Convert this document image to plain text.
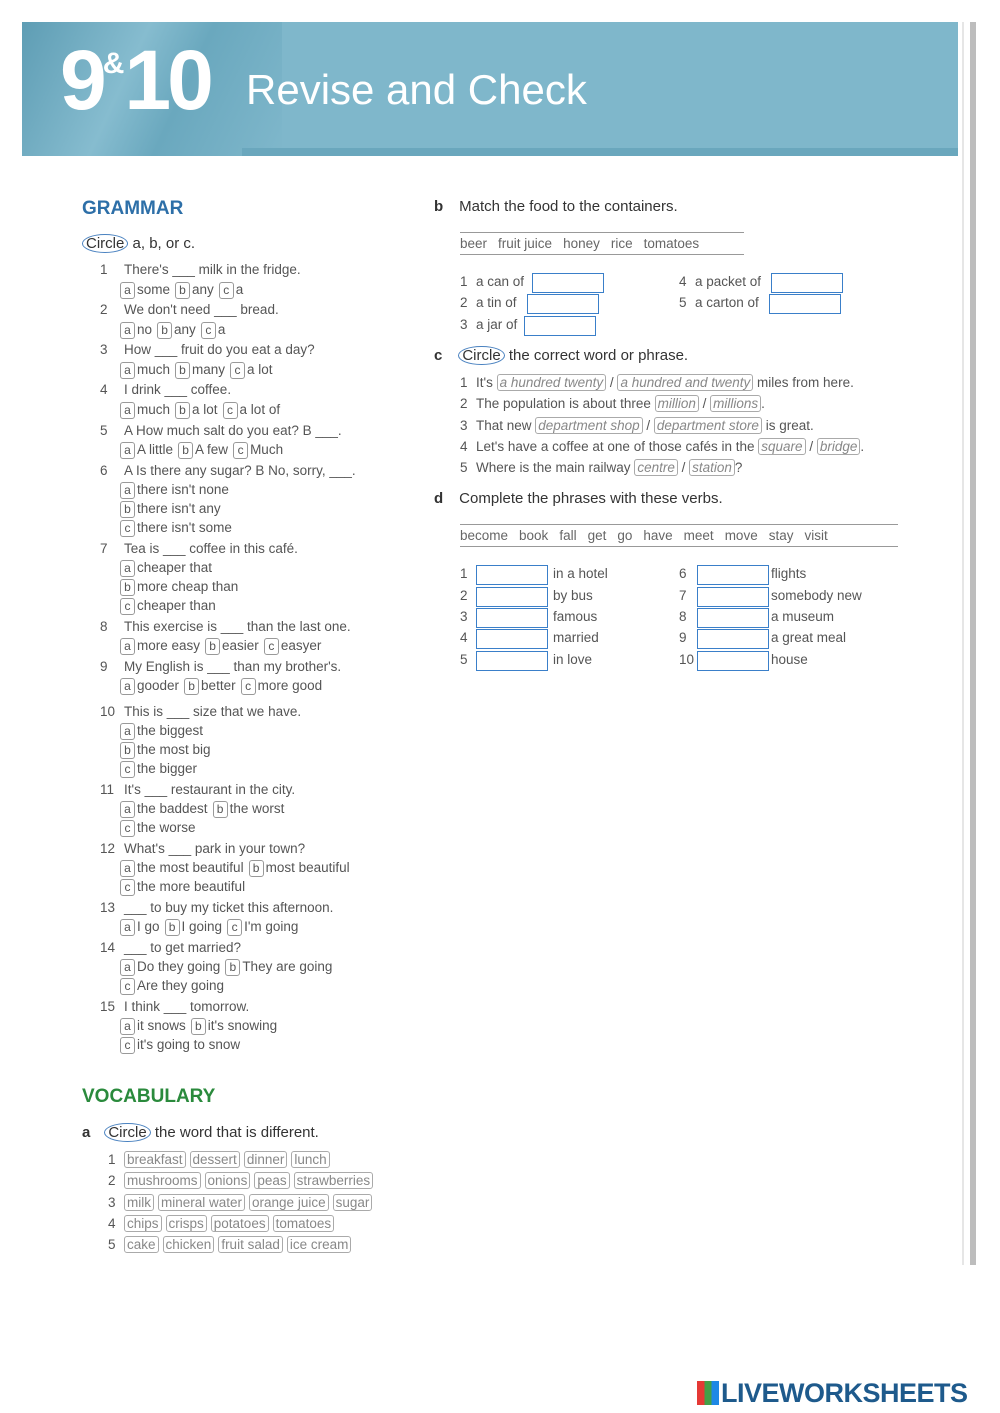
9&10 Revise and Check
GRAMMAR
Circle a, b, or c.
1 There's ___ milk in the fridge.
a some b any c a
2 We don't need ___ bread.
a no b any c a
3 How ___ fruit do you eat a day?
a much b many c a lot
4 I drink ___ coffee.
a much b a lot c a lot of
5 A How much salt do you eat? B ___.
a A little b A few c Much
6 A Is there any sugar? B No, sorry, ___.
a there isn't none
b there isn't any
c there isn't some
7 Tea is ___ coffee in this café.
a cheaper that
b more cheap than
c cheaper than
8 This exercise is ___ than the last one.
a more easy b easier c easyer
9 My English is ___ than my brother's.
a gooder b better c more good
10 This is ___ size that we have.
a the biggest
b the most big
c the bigger
11 It's ___ restaurant in the city.
a the baddest b the worst
c the worse
12 What's ___ park in your town?
a the most beautiful b most beautiful
c the more beautiful
13 ___ to buy my ticket this afternoon.
a I go b I going c I'm going
14 ___ to get married?
a Do they going b They are going
c Are they going
15 I think ___ tomorrow.
a it snows b it's snowing
c it's going to snow
VOCABULARY
a Circle the word that is different.
1 breakfast dessert dinner lunch
2 mushrooms onions peas strawberries
3 milk mineral water orange juice sugar
4 chips crisps potatoes tomatoes
5 cake chicken fruit salad ice cream
b Match the food to the containers.
beer fruit juice honey rice tomatoes
1 a can of
2 a tin of
3 a jar of
4 a packet of
5 a carton of
c Circle the correct word or phrase.
1 It's a hundred twenty / a hundred and twenty miles from here.
2 The population is about three million / millions .
3 That new department shop / department store is great.
4 Let's have a coffee at one of those cafés in the square / bridge .
5 Where is the main railway centre / station ?
d Complete the phrases with these verbs.
become book fall get go have meet move stay visit
1	in a hotel
2	by bus
3	famous
4	married
5	in love
6	flights
7	somebody new
8	a museum
9	a great meal
10	house
LIVEWORKSHEETS
